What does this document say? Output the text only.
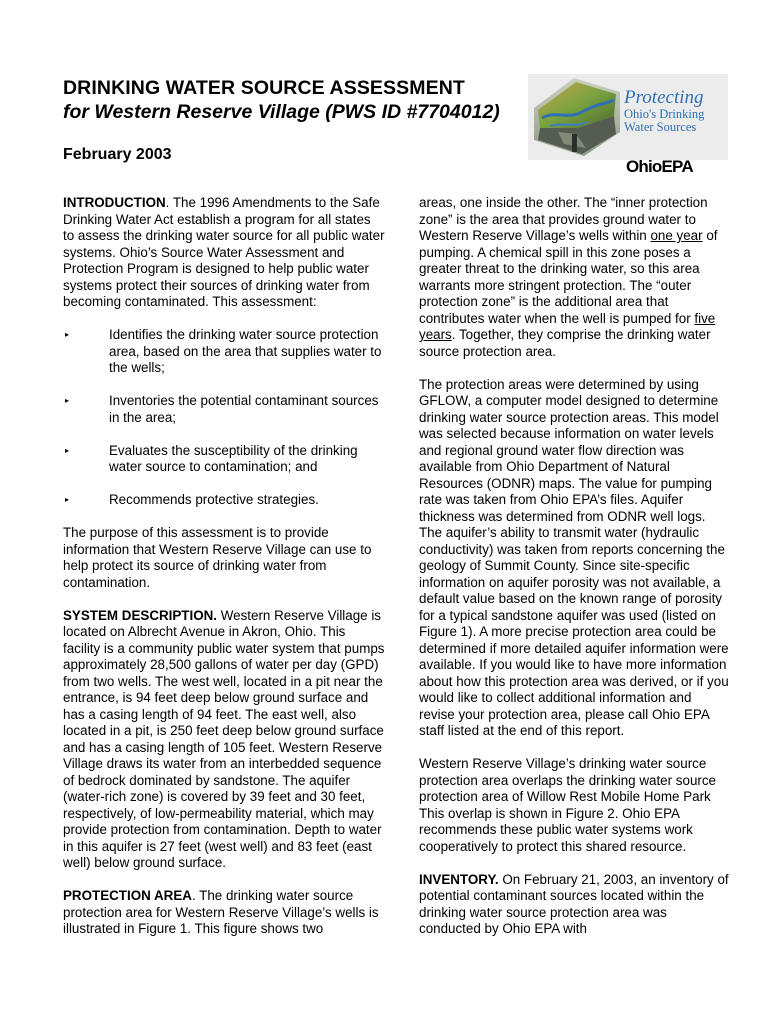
DRINKING WATER SOURCE ASSESSMENT
for Western Reserve Village (PWS ID #7704012)
February 2003
Protecting
Ohio's Drinking
Water Sources
OhioEPA

INTRODUCTION. The 1996 Amendments to the Safe Drinking Water Act establish a program for all states to assess the drinking water source for all public water systems. Ohio’s Source Water Assessment and Protection Program is designed to help public water systems protect their sources of drinking water from becoming contaminated. This assessment:

▸	Identifies the drinking water source protection area, based on the area that supplies water to the wells;
▸	Inventories the potential contaminant sources in the area;
▸	Evaluates the susceptibility of the drinking water source to contamination; and
▸	Recommends protective strategies.

The purpose of this assessment is to provide information that Western Reserve Village can use to help protect its source of drinking water from contamination.

SYSTEM DESCRIPTION. Western Reserve Village is located on Albrecht Avenue in Akron, Ohio. This facility is a community public water system that pumps approximately 28,500 gallons of water per day (GPD) from two wells. The west well, located in a pit near the entrance, is 94 feet deep below ground surface and has a casing length of 94 feet. The east well, also located in a pit, is 250 feet deep below ground surface and has a casing length of 105 feet. Western Reserve Village draws its water from an interbedded sequence of bedrock dominated by sandstone. The aquifer (water-rich zone) is covered by 39 feet and 30 feet, respectively, of low-permeability material, which may provide protection from contamination. Depth to water in this aquifer is 27 feet (west well) and 83 feet (east well) below ground surface.

PROTECTION AREA. The drinking water source protection area for Western Reserve Village’s wells is illustrated in Figure 1. This figure shows two

areas, one inside the other. The “inner protection zone” is the area that provides ground water to Western Reserve Village’s wells within one year of pumping. A chemical spill in this zone poses a greater threat to the drinking water, so this area warrants more stringent protection. The “outer protection zone” is the additional area that contributes water when the well is pumped for five years. Together, they comprise the drinking water source protection area.

The protection areas were determined by using GFLOW, a computer model designed to determine drinking water source protection areas. This model was selected because information on water levels and regional ground water flow direction was available from Ohio Department of Natural Resources (ODNR) maps. The value for pumping rate was taken from Ohio EPA’s files. Aquifer thickness was determined from ODNR well logs. The aquifer’s ability to transmit water (hydraulic conductivity) was taken from reports concerning the geology of Summit County. Since site-specific information on aquifer porosity was not available, a default value based on the known range of porosity for a typical sandstone aquifer was used (listed on Figure 1). A more precise protection area could be determined if more detailed aquifer information were available. If you would like to have more information about how this protection area was derived, or if you would like to collect additional information and revise your protection area, please call Ohio EPA staff listed at the end of this report.

Western Reserve Village’s drinking water source protection area overlaps the drinking water source protection area of Willow Rest Mobile Home Park This overlap is shown in Figure 2. Ohio EPA recommends these public water systems work cooperatively to protect this shared resource.

INVENTORY. On February 21, 2003, an inventory of potential contaminant sources located within the drinking water source protection area was conducted by Ohio EPA with
